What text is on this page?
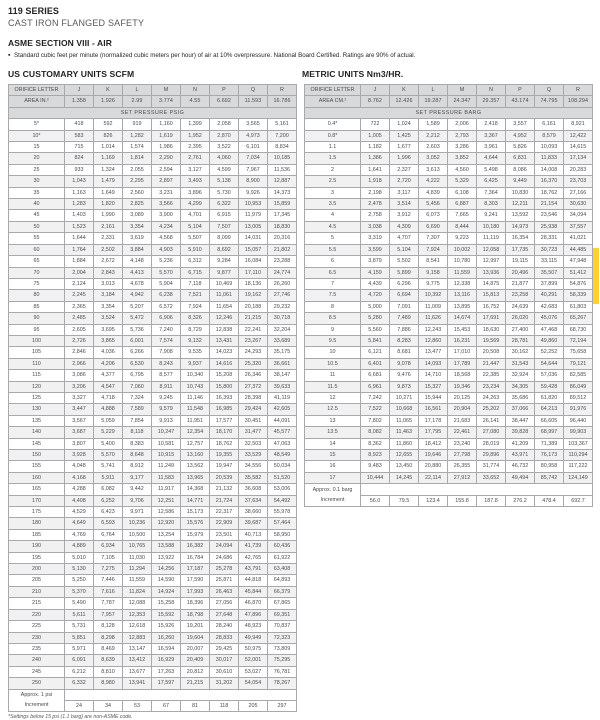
119 SERIES
CAST IRON FLANGED SAFETY
ASME SECTION VIII - AIR
▪ Standard cubic feet per minute (normalized cubic meters per hour) of air at 10% overpressure. National Board Certified. Ratings are 90% of actual.
US CUSTOMARY UNITS SCFM	METRIC UNITS Nm3/HR.
ORIFICE LETTER	J	K	L	M	N	P	Q	R
AREA IN.²	1.358	1.926	2.99	3.774	4.55	6.692	11.593	16.786
SET PRESSURE PSIG								
5*	418	592	919	1,160	1,399	2,058	3,565	5,161
10*	583	826	1,282	1,619	1,952	2,870	4,973	7,200
15	715	1,014	1,574	1,986	2,395	3,522	6,101	8,834
20	824	1,169	1,814	2,290	2,761	4,060	7,034	10,185
25	933	1,324	2,055	2,594	3,127	4,599	7,967	11,536
30	1,043	1,479	2,295	2,897	3,493	5,138	8,900	12,887
35	1,163	1,649	2,560	3,231	3,896	5,730	9,926	14,373
40	1,283	1,820	2,825	3,566	4,299	6,322	10,953	15,859
45	1,403	1,990	3,089	3,900	4,701	6,915	11,979	17,345
50	1,523	2,161	3,354	4,234	5,104	7,507	13,005	18,830
55	1,644	2,331	3,619	4,568	5,507	8,099	14,031	20,316
60	1,764	2,502	3,884	4,903	5,910	8,692	15,057	21,802
65	1,884	2,672	4,148	5,236	6,312	9,284	16,084	23,288
70	2,004	2,843	4,413	5,570	6,715	9,877	17,110	24,774
75	2,124	3,013	4,678	5,904	7,118	10,469	18,136	26,260
80	2,245	3,184	4,942	6,238	7,521	11,061	19,162	27,746
85	2,365	3,354	5,207	6,572	7,924	11,654	20,188	29,232
90	2,485	3,524	5,472	6,906	8,326	12,246	21,215	30,718
95	2,605	3,695	5,736	7,240	8,729	12,838	22,241	32,204
100	2,726	3,865	6,001	7,574	9,132	13,431	23,267	33,689
105	2,846	4,036	6,266	7,908	9,535	14,023	24,293	35,175
110	2,966	4,206	6,530	8,243	9,937	14,616	25,320	36,661
115	3,086	4,377	6,795	8,577	10,340	15,208	26,346	38,147
120	3,206	4,547	7,060	8,911	10,743	15,800	27,372	39,633
125	3,327	4,718	7,324	9,245	11,146	16,393	28,398	41,119
130	3,447	4,888	7,589	9,579	11,548	16,985	29,424	42,605
135	3,567	5,059	7,854	9,913	11,951	17,577	30,451	44,091
140	3,687	5,229	8,118	10,247	12,354	18,170	31,477	45,577
145	3,807	5,400	8,383	10,581	12,757	18,762	32,503	47,063
150	3,928	5,570	8,648	10,915	13,160	19,355	33,529	48,549
155	4,048	5,741	8,912	11,249	13,562	19,947	34,556	50,034
160	4,168	5,911	9,177	11,583	13,965	20,539	35,582	51,520
165	4,288	6,082	9,442	11,917	14,368	21,132	36,608	53,006
170	4,408	6,252	9,706	12,251	14,771	21,724	37,634	54,492
175	4,529	6,423	9,971	12,586	15,173	22,317	38,660	55,978
180	4,649	6,593	10,236	12,920	15,576	22,909	39,687	57,464
185	4,769	6,764	10,500	13,254	15,979	23,501	40,713	58,950
190	4,889	6,934	10,765	13,588	16,382	24,094	41,739	60,436
195	5,010	7,105	11,030	13,922	16,784	24,686	42,765	61,922
200	5,130	7,275	11,294	14,256	17,187	25,278	43,791	63,408
205	5,250	7,446	11,559	14,590	17,590	25,871	44,818	64,893
210	5,370	7,616	11,824	14,924	17,993	26,463	45,844	66,379
215	5,490	7,787	12,088	15,258	18,396	27,056	46,870	67,865
220	5,611	7,957	12,353	15,592	18,798	27,648	47,896	69,351
225	5,731	8,128	12,618	15,926	19,201	28,240	48,923	70,837
230	5,851	8,298	12,883	16,260	19,604	28,833	49,949	72,323
235	5,971	8,469	13,147	16,594	20,007	29,425	50,975	73,809
240	6,091	8,639	13,412	16,929	20,409	30,017	52,001	75,295
245	6,212	8,810	13,677	17,263	20,812	30,610	53,027	76,781
250	6,332	8,980	13,941	17,597	21,215	31,202	54,054	78,267
Approx. 1 psi
Increment								
	24	34	53	67	81	118	205	297
*Settings below 15 psi (1.1 barg) are non-ASME code.
ORIFICE LETTER	J	K	L	M	N	P	Q	R
AREA CM.²	8.762	12.426	19.287	24.347	29.357	43.174	74.795	108.294
SET PRESSURE BARG								
0.4*	722	1,024	1,589	2,006	2,418	3,557	6,161	8,921
0.8*	1,005	1,425	2,212	2,793	3,367	4,952	8,579	12,422
1.1	1,182	1,677	2,603	3,286	3,961	5,826	10,093	14,615
1.5	1,386	1,996	3,052	3,852	4,644	6,831	11,833	17,134
2	1,641	2,327	3,613	4,560	5,498	8,086	14,008	20,283
2.5	1,918	2,720	4,222	5,329	6,425	9,449	16,370	23,703
3	2,198	3,117	4,839	6,108	7,364	10,830	18,762	27,166
3.5	2,478	3,514	5,456	6,887	8,303	12,211	21,154	30,630
4	2,758	3,912	6,073	7,665	9,241	13,592	23,546	34,094
4.5	3,038	4,309	6,690	8,444	10,180	14,973	25,938	37,557
5	3,319	4,707	7,307	9,223	11,119	16,354	28,331	41,021
5.5	3,599	5,104	7,924	10,002	12,058	17,735	30,723	44,485
6	3,879	5,502	8,541	10,780	12,997	19,115	33,115	47,948
6.5	4,159	5,899	9,158	11,559	13,936	20,496	35,507	51,412
7	4,439	6,296	9,775	12,338	14,875	21,877	37,899	54,876
7.5	4,720	6,694	10,392	13,116	15,813	23,258	40,291	58,339
8	5,000	7,091	11,009	13,895	16,752	24,639	42,683	61,803
8.5	5,280	7,489	11,626	14,674	17,691	26,020	45,076	65,267
9	5,560	7,886	12,243	15,453	18,630	27,400	47,468	68,730
9.5	5,841	8,283	12,860	16,231	19,569	28,781	49,860	72,194
10	6,121	8,681	13,477	17,010	20,508	30,162	52,252	75,658
10.5	6,401	9,078	14,093	17,789	21,447	31,543	54,644	79,121
11	6,681	9,476	14,710	18,568	22,385	32,924	57,036	82,585
11.5	6,961	9,873	15,327	19,346	23,234	34,305	59,428	86,049
12	7,242	10,271	15,944	20,125	24,263	35,686	61,820	89,512
12.5	7,522	10,668	16,561	20,904	25,202	37,066	64,213	91,976
13	7,802	11,065	17,178	21,683	26,141	38,447	66,605	96,440
13.5	8,082	11,463	17,795	22,461	27,080	39,828	68,997	99,903
14	8,362	11,860	18,412	23,240	28,019	41,209	71,389	103,367
15	8,923	12,655	19,646	27,798	29,896	43,971	76,173	110,294
16	9,483	13,450	20,880	26,355	31,774	46,732	80,958	117,222
17	10,444	14,245	22,114	27,912	33,652	49,494	85,742	124,149
Approx. 0.1 barg
Increment								
	56.0	79.5	123.4	155.8	187.8	276.2	478.4	692.7
